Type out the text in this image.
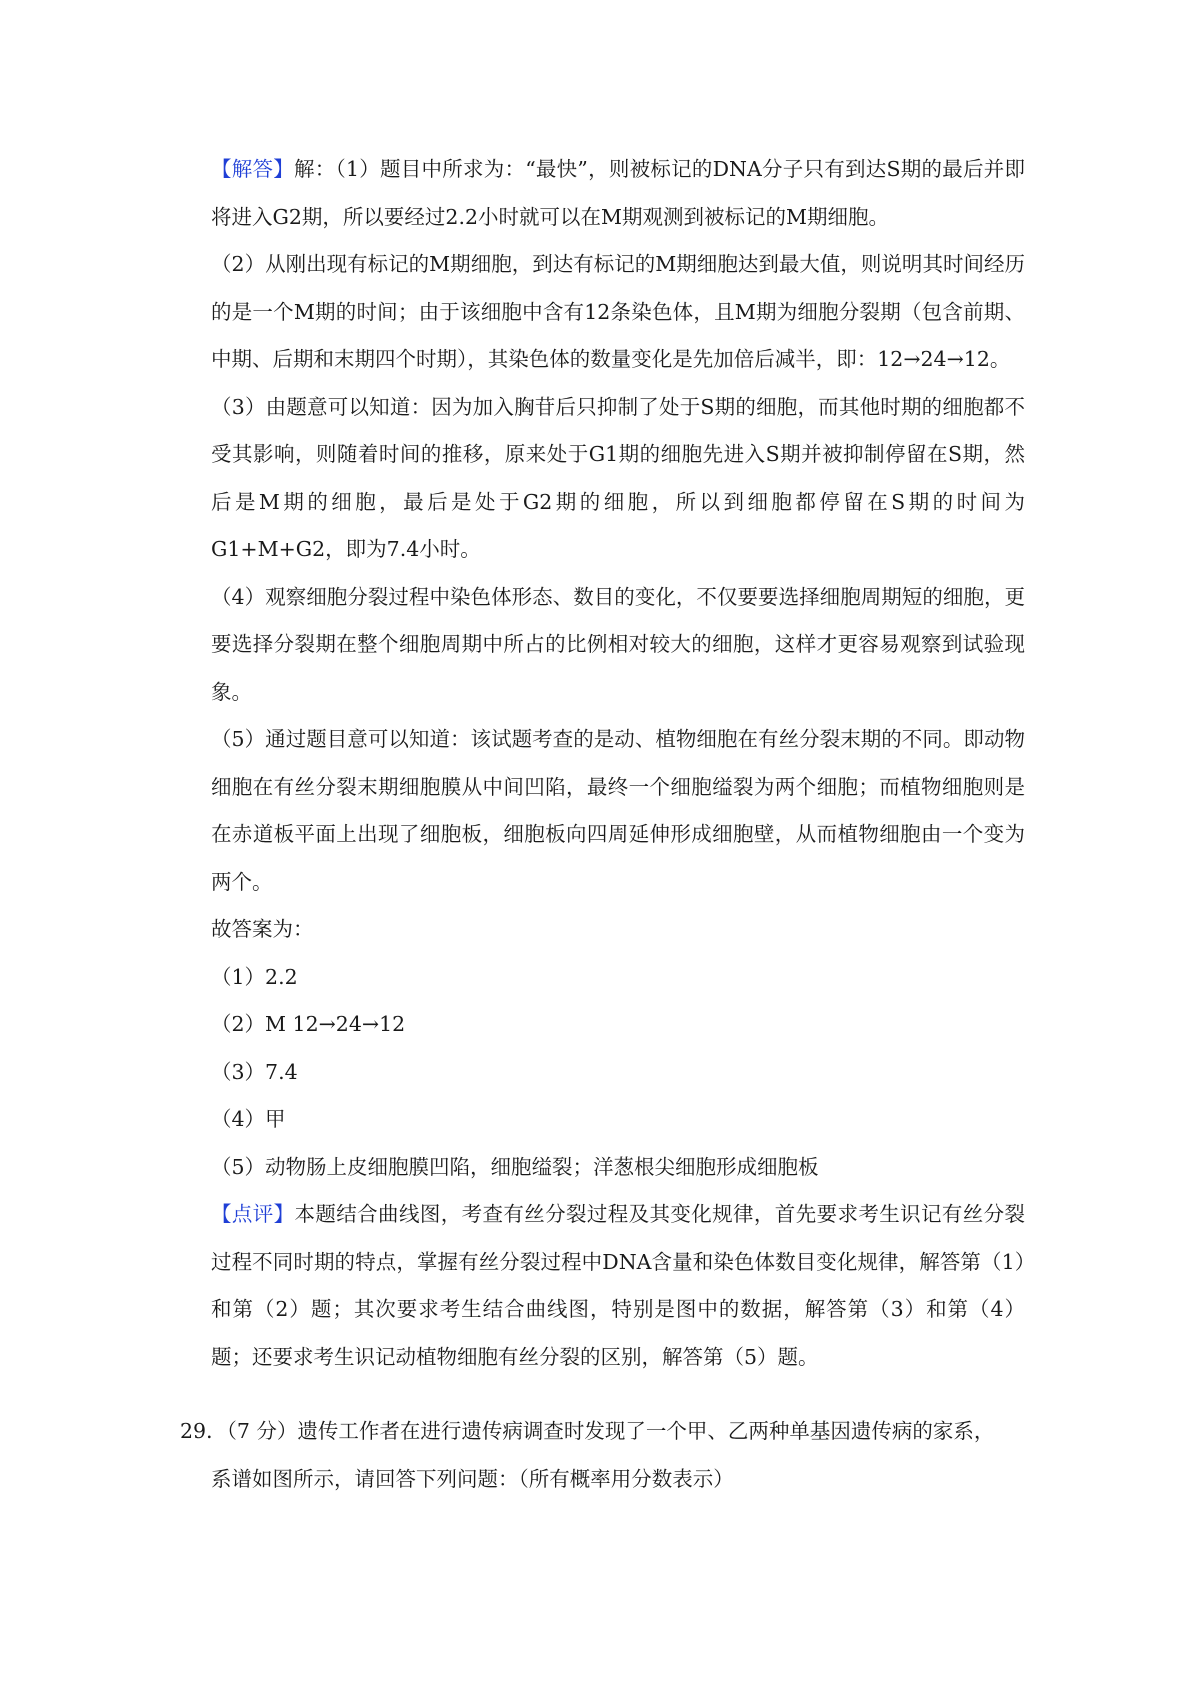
【解答】解：（1）题目中所求为：“最快”，则被标记的DNA分子只有到达S期的最后并即将进入G2期，所以要经过2.2小时就可以在M期观测到被标记的M期细胞。

（2）从刚出现有标记的M期细胞，到达有标记的M期细胞达到最大值，则说明其时间经历的是一个M期的时间；由于该细胞中含有12条染色体，且M期为细胞分裂期（包含前期、中期、后期和末期四个时期），其染色体的数量变化是先加倍后减半，即：12→24→12。

（3）由题意可以知道：因为加入胸苷后只抑制了处于S期的细胞，而其他时期的细胞都不受其影响，则随着时间的推移，原来处于G1期的细胞先进入S期并被抑制停留在S期，然后是M期的细胞，最后是处于G2期的细胞，所以到细胞都停留在S期的时间为G1+M+G2，即为7.4小时。

（4）观察细胞分裂过程中染色体形态、数目的变化，不仅要要选择细胞周期短的细胞，更要选择分裂期在整个细胞周期中所占的比例相对较大的细胞，这样才更容易观察到试验现象。

（5）通过题目意可以知道：该试题考查的是动、植物细胞在有丝分裂末期的不同。即动物细胞在有丝分裂末期细胞膜从中间凹陷，最终一个细胞缢裂为两个细胞；而植物细胞则是在赤道板平面上出现了细胞板，细胞板向四周延伸形成细胞壁，从而植物细胞由一个变为两个。

故答案为：

（1）2.2

（2）M 12→24→12

（3）7.4

（4）甲

（5）动物肠上皮细胞膜凹陷，细胞缢裂；洋葱根尖细胞形成细胞板

【点评】本题结合曲线图，考查有丝分裂过程及其变化规律，首先要求考生识记有丝分裂过程不同时期的特点，掌握有丝分裂过程中DNA含量和染色体数目变化规律，解答第（1）和第（2）题；其次要求考生结合曲线图，特别是图中的数据，解答第（3）和第（4）题；还要求考生识记动植物细胞有丝分裂的区别，解答第（5）题。

29．（7 分）遗传工作者在进行遗传病调查时发现了一个甲、乙两种单基因遗传病的家系，
系谱如图所示，请回答下列问题：（所有概率用分数表示）
